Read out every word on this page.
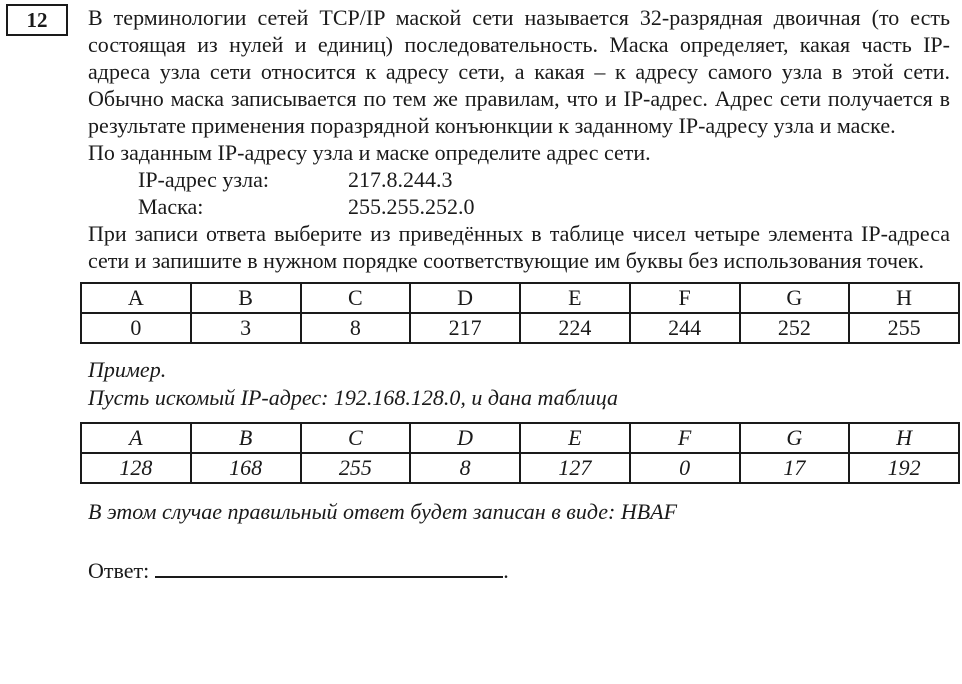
12	В терминологии сетей TCP/IP маской сети называется 32-разрядная двоичная (то есть состоящая из нулей и единиц) последовательность. Маска определяет, какая часть IP-адреса узла сети относится к адресу сети, а какая – к адресу самого узла в этой сети. Обычно маска записывается по тем же правилам, что и IP-адрес. Адрес сети получается в результате применения поразрядной конъюнкции к заданному IP-адресу узла и маске.

По заданным IP-адресу узла и маске определите адрес сети.

IP-адрес узла:	217.8.244.3
Маска:	255.255.252.0

При записи ответа выберите из приведённых в таблице чисел четыре элемента IP-адреса сети и запишите в нужном порядке соответствующие им буквы без использования точек.

A	B	C	D	E	F	G	H
0	3	8	217	224	244	252	255

Пример.

Пусть искомый IP-адрес: 192.168.128.0, и дана таблица

A	B	C	D	E	F	G	H
128	168	255	8	127	0	17	192

В этом случае правильный ответ будет записан в виде: HBAF

Ответ:	.
